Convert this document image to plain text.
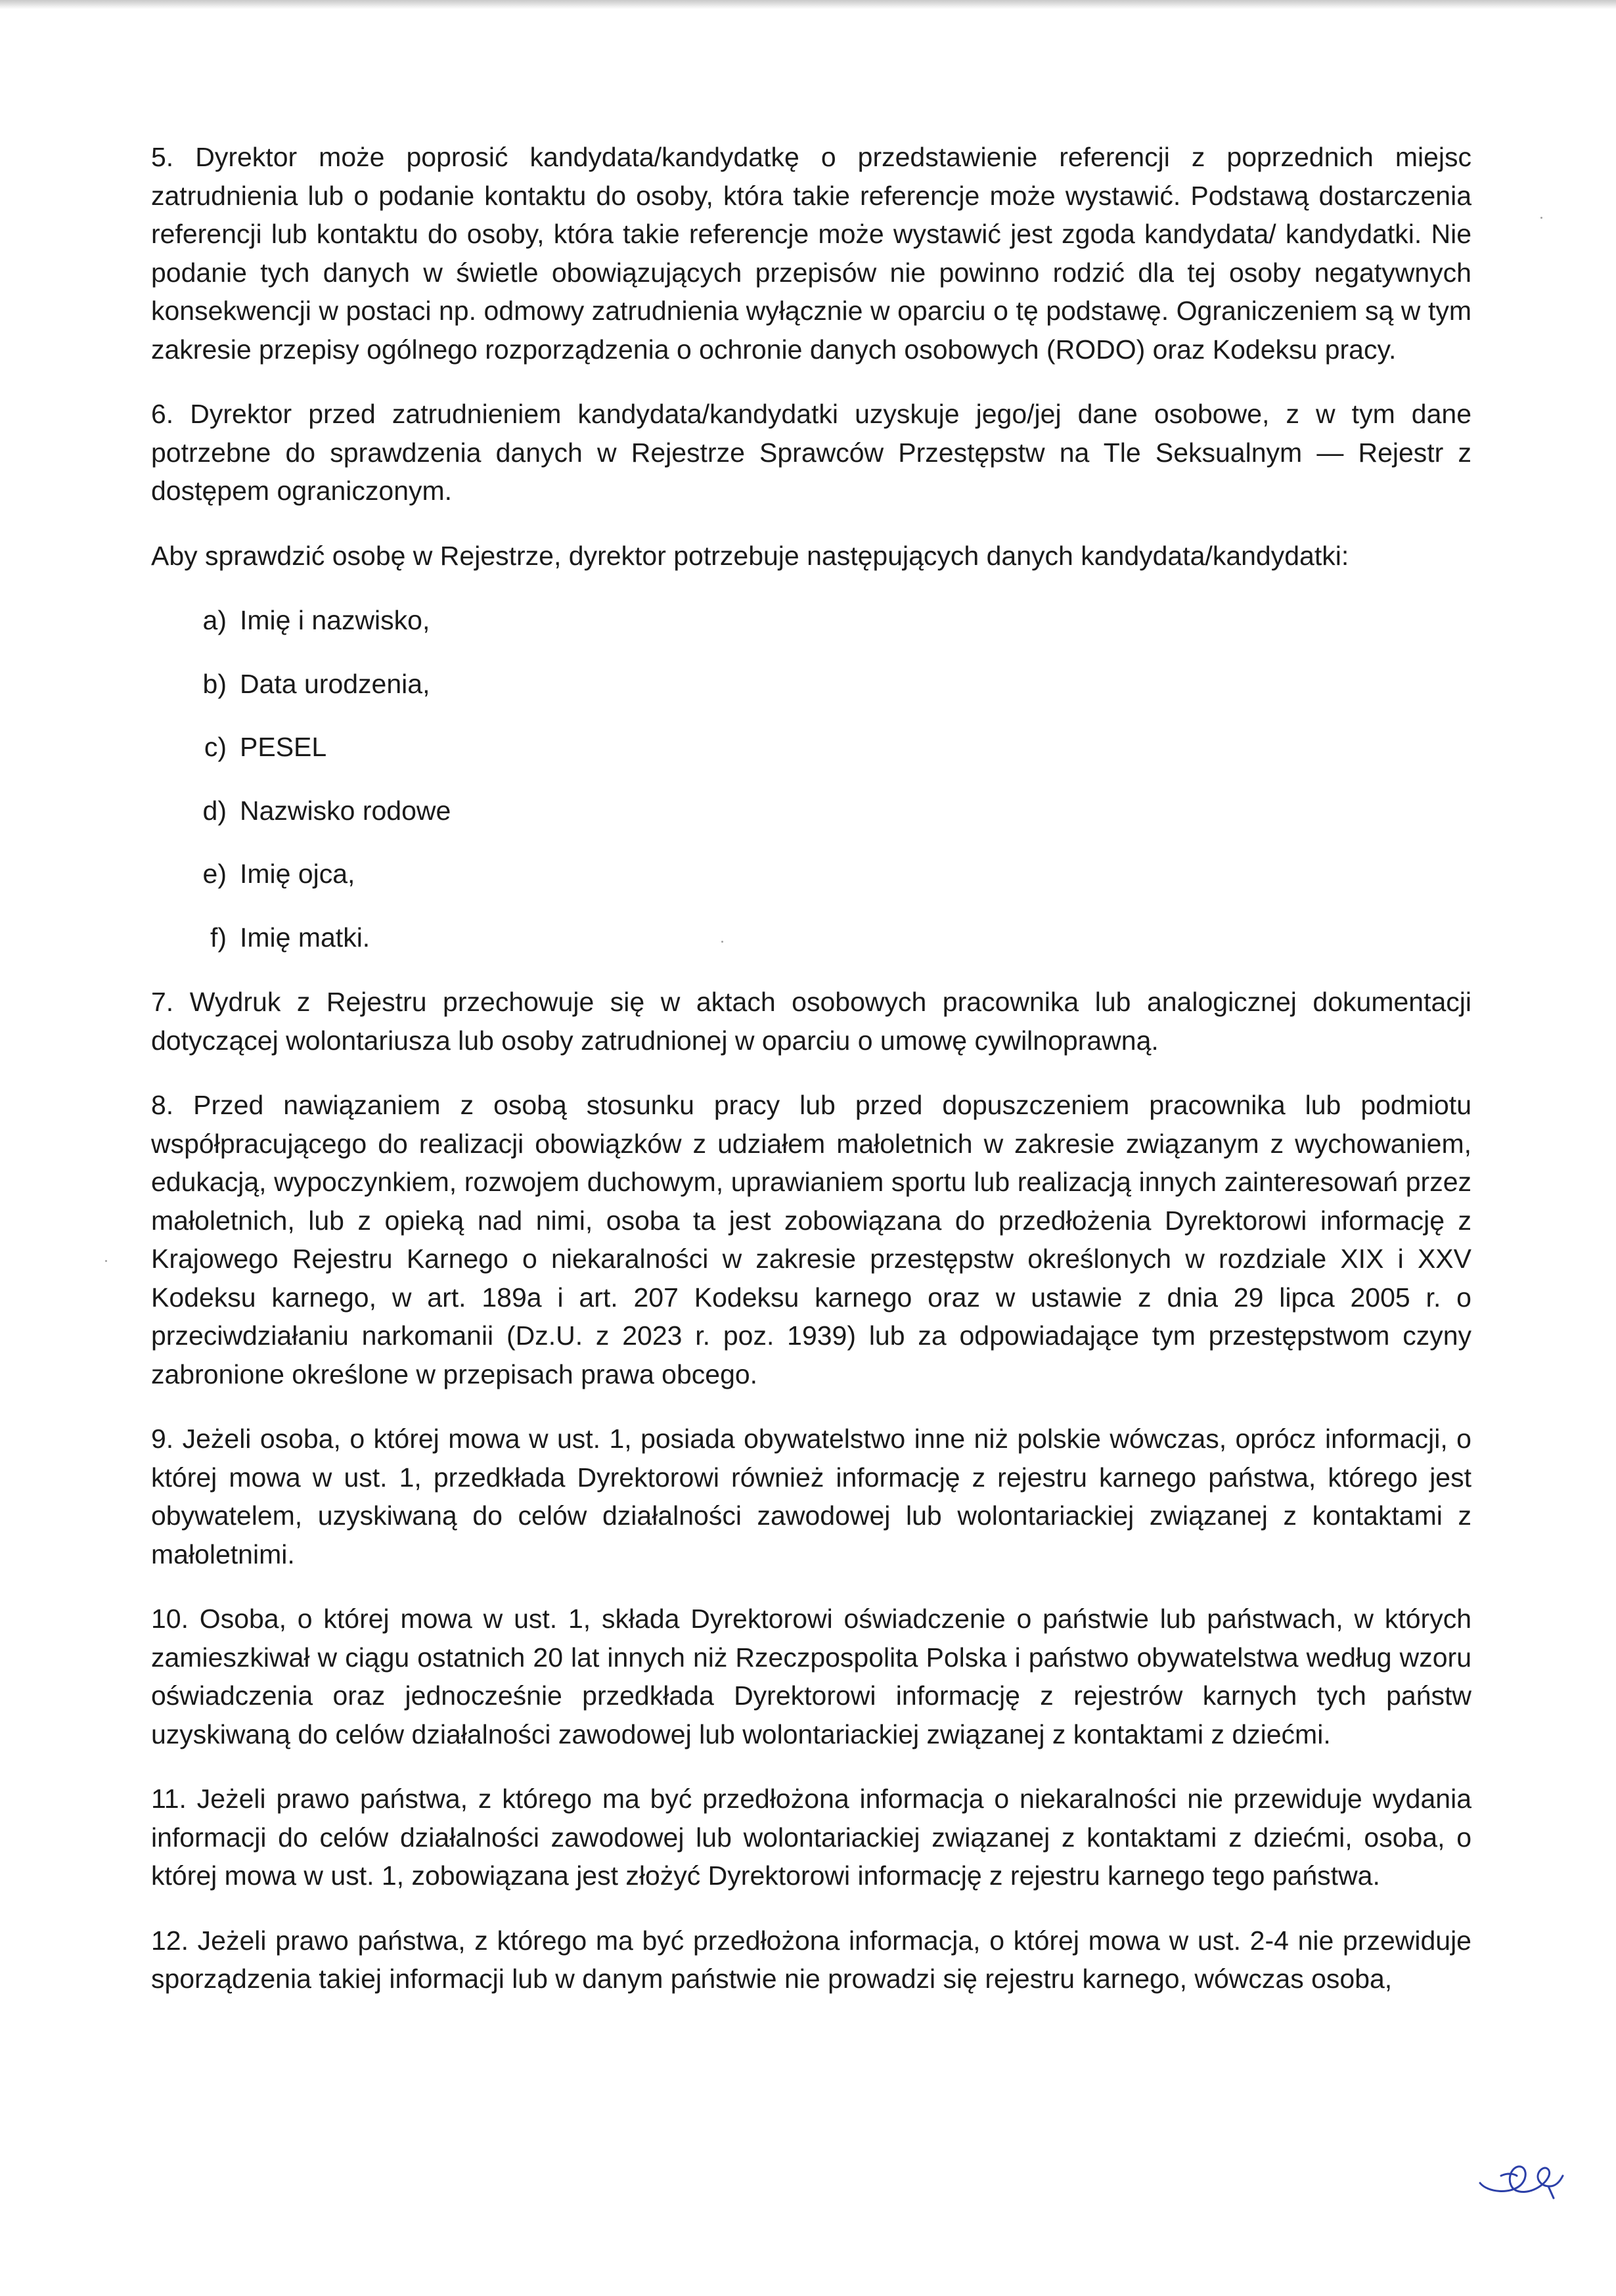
5. Dyrektor może poprosić kandydata/kandydatkę o przedstawienie referencji z poprzednich miejsc zatrudnienia lub o podanie kontaktu do osoby, która takie referencje może wystawić. Podstawą dostarczenia referencji lub kontaktu do osoby, która takie referencje może wystawić jest zgoda kandydata/ kandydatki. Nie podanie tych danych w świetle obowiązujących przepisów nie powinno rodzić dla tej osoby negatywnych konsekwencji w postaci np. odmowy zatrudnienia wyłącznie w oparciu o tę podstawę. Ograniczeniem są w tym zakresie przepisy ogólnego rozporządzenia o ochronie danych osobowych (RODO) oraz Kodeksu pracy.

6. Dyrektor przed zatrudnieniem kandydata/kandydatki uzyskuje jego/jej dane osobowe, z w tym dane potrzebne do sprawdzenia danych w Rejestrze Sprawców Przestępstw na Tle Seksualnym — Rejestr z dostępem ograniczonym.

Aby sprawdzić osobę w Rejestrze, dyrektor potrzebuje następujących danych kandydata/kandydatki:

a) Imię i nazwisko,
b) Data urodzenia,
c) PESEL
d) Nazwisko rodowe
e) Imię ojca,
f) Imię matki.

7. Wydruk z Rejestru przechowuje się w aktach osobowych pracownika lub analogicznej dokumentacji dotyczącej wolontariusza lub osoby zatrudnionej w oparciu o umowę cywilnoprawną.

8. Przed nawiązaniem z osobą stosunku pracy lub przed dopuszczeniem pracownika lub podmiotu współpracującego do realizacji obowiązków z udziałem małoletnich w zakresie związanym z wychowaniem, edukacją, wypoczynkiem, rozwojem duchowym, uprawianiem sportu lub realizacją innych zainteresowań przez małoletnich, lub z opieką nad nimi, osoba ta jest zobowiązana do przedłożenia Dyrektorowi informację z Krajowego Rejestru Karnego o niekaralności w zakresie przestępstw określonych w rozdziale XIX i XXV Kodeksu karnego, w art. 189a i art. 207 Kodeksu karnego oraz w ustawie z dnia 29 lipca 2005 r. o przeciwdziałaniu narkomanii (Dz.U. z 2023 r. poz. 1939) lub za odpowiadające tym przestępstwom czyny zabronione określone w przepisach prawa obcego.

9. Jeżeli osoba, o której mowa w ust. 1, posiada obywatelstwo inne niż polskie wówczas, oprócz informacji, o której mowa w ust. 1, przedkłada Dyrektorowi również informację z rejestru karnego państwa, którego jest obywatelem, uzyskiwaną do celów działalności zawodowej lub wolontariackiej związanej z kontaktami z małoletnimi.

10. Osoba, o której mowa w ust. 1, składa Dyrektorowi oświadczenie o państwie lub państwach, w których zamieszkiwał w ciągu ostatnich 20 lat innych niż Rzeczpospolita Polska i państwo obywatelstwa według wzoru oświadczenia oraz jednocześnie przedkłada Dyrektorowi informację z rejestrów karnych tych państw uzyskiwaną do celów działalności zawodowej lub wolontariackiej związanej z kontaktami z dziećmi.

11. Jeżeli prawo państwa, z którego ma być przedłożona informacja o niekaralności nie przewiduje wydania informacji do celów działalności zawodowej lub wolontariackiej związanej z kontaktami z dziećmi, osoba, o której mowa w ust. 1, zobowiązana jest złożyć Dyrektorowi informację z rejestru karnego tego państwa.

12. Jeżeli prawo państwa, z którego ma być przedłożona informacja, o której mowa w ust. 2-4 nie przewiduje sporządzenia takiej informacji lub w danym państwie nie prowadzi się rejestru karnego, wówczas osoba,
